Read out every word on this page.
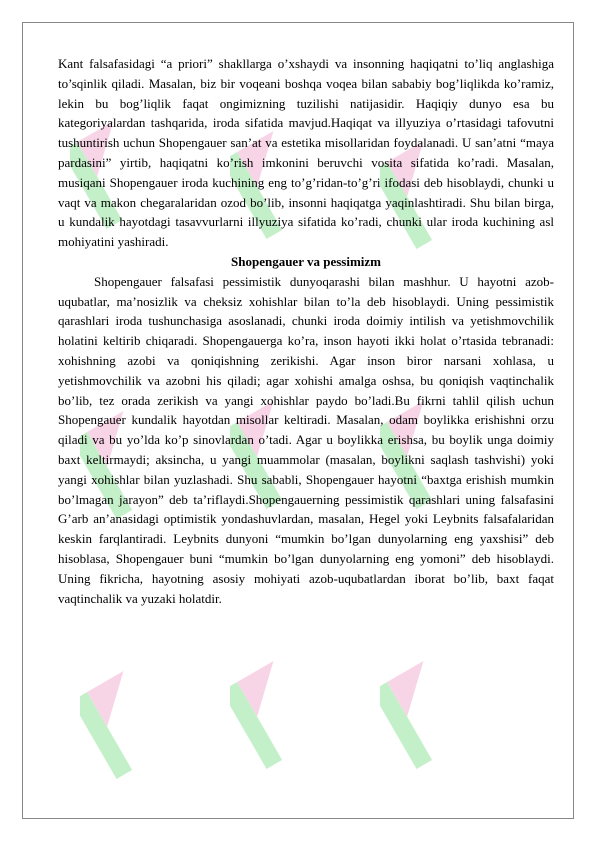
Kant falsafasidagi “a priori” shakllarga o’xshaydi va insonning haqiqatni to’liq anglashiga to’sqinlik qiladi. Masalan, biz bir voqeani boshqa voqea bilan sababiy bog’liqlikda ko’ramiz, lekin bu bog’liqlik faqat ongimizning tuzilishi natijasidir. Haqiqiy dunyo esa bu kategoriyalardan tashqarida, iroda sifatida mavjud.Haqiqat va illyuziya o’rtasidagi tafovutni tushuntirish uchun Shopengauer san’at va estetika misollaridan foydalanadi. U san’atni “maya pardasini” yirtib, haqiqatni ko’rish imkonini beruvchi vosita sifatida ko’radi. Masalan, musiqani Shopengauer iroda kuchining eng to’g’ridan-to’g’ri ifodasi deb hisoblaydi, chunki u vaqt va makon chegaralaridan ozod bo’lib, insonni haqiqatga yaqinlashtiradi. Shu bilan birga, u kundalik hayotdagi tasavvurlarni illyuziya sifatida ko’radi, chunki ular iroda kuchining asl mohiyatini yashiradi.

Shopengauer va pessimizm

Shopengauer falsafasi pessimistik dunyoqarashi bilan mashhur. U hayotni azob-uqubatlar, ma’nosizlik va cheksiz xohishlar bilan to’la deb hisoblaydi. Uning pessimistik qarashlari iroda tushunchasiga asoslanadi, chunki iroda doimiy intilish va yetishmovchilik holatini keltirib chiqaradi. Shopengauerga ko’ra, inson hayoti ikki holat o’rtasida tebranadi: xohishning azobi va qoniqishning zerikishi. Agar inson biror narsani xohlasa, u yetishmovchilik va azobni his qiladi; agar xohishi amalga oshsa, bu qoniqish vaqtinchalik bo’lib, tez orada zerikish va yangi xohishlar paydo bo’ladi.Bu fikrni tahlil qilish uchun Shopengauer kundalik hayotdan misollar keltiradi. Masalan, odam boylikka erishishni orzu qiladi va bu yo’lda ko’p sinovlardan o’tadi. Agar u boylikka erishsa, bu boylik unga doimiy baxt keltirmaydi; aksincha, u yangi muammolar (masalan, boylikni saqlash tashvishi) yoki yangi xohishlar bilan yuzlashadi. Shu sababli, Shopengauer hayotni “baxtga erishish mumkin bo’lmagan jarayon” deb ta’riflaydi.Shopengauerning pessimistik qarashlari uning falsafasini G’arb an’anasidagi optimistik yondashuvlardan, masalan, Hegel yoki Leybnits falsafalaridan keskin farqlantiradi. Leybnits dunyoni “mumkin bo’lgan dunyolarning eng yaxshisi” deb hisoblasa, Shopengauer buni “mumkin bo’lgan dunyolarning eng yomoni” deb hisoblaydi. Uning fikricha, hayotning asosiy mohiyati azob-uqubatlardan iborat bo’lib, baxt faqat vaqtinchalik va yuzaki holatdir.
